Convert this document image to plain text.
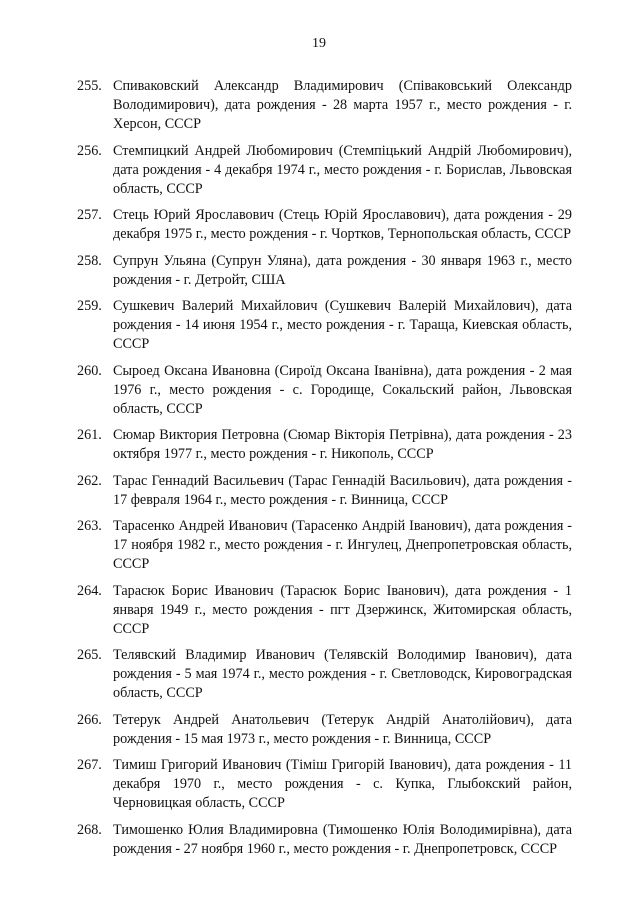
19
255. Спиваковский Александр Владимирович (Співаковський Олександр Володимирович), дата рождения - 28 марта 1957 г., место рождения - г. Херсон, СССР
256. Стемпицкий Андрей Любомирович (Стемпіцький Андрій Любомирович), дата рождения - 4 декабря 1974 г., место рождения - г. Борислав, Львовская область, СССР
257. Стець Юрий Ярославович (Стець Юрій Ярославович), дата рождения - 29 декабря 1975 г., место рождения - г. Чортков, Тернопольская область, СССР
258. Супрун Ульяна (Супрун Уляна), дата рождения - 30 января 1963 г., место рождения - г. Детройт, США
259. Сушкевич Валерий Михайлович (Сушкевич Валерій Михайлович), дата рождения - 14 июня 1954 г., место рождения - г. Тараща, Киевская область, СССР
260. Сыроед Оксана Ивановна (Сироїд Оксана Іванівна), дата рождения - 2 мая 1976 г., место рождения - с. Городище, Сокальский район, Львовская область, СССР
261. Сюмар Виктория Петровна (Сюмар Вікторія Петрівна), дата рождения - 23 октября 1977 г., место рождения - г. Никополь, СССР
262. Тарас Геннадий Васильевич (Тарас Геннадій Васильович), дата рождения - 17 февраля 1964 г., место рождения - г. Винница, СССР
263. Тарасенко Андрей Иванович (Тарасенко Андрій Іванович), дата рождения - 17 ноября 1982 г., место рождения - г. Ингулец, Днепропетровская область, СССР
264. Тарасюк Борис Иванович (Тарасюк Борис Іванович), дата рождения - 1 января 1949 г., место рождения - пгт Дзержинск, Житомирская область, СССР
265. Телявский Владимир Иванович (Телявскій Володимир Іванович), дата рождения - 5 мая 1974 г., место рождения - г. Светловодск, Кировоградская область, СССР
266. Тетерук Андрей Анатольевич (Тетерук Андрій Анатолійович), дата рождения - 15 мая 1973 г., место рождения - г. Винница, СССР
267. Тимиш Григорий Иванович (Тіміш Григорій Іванович), дата рождения - 11 декабря 1970 г., место рождения - с. Купка, Глыбокский район, Черновицкая область, СССР
268. Тимошенко Юлия Владимировна (Тимошенко Юлія Володимирівна), дата рождения - 27 ноября 1960 г., место рождения - г. Днепропетровск, СССР
